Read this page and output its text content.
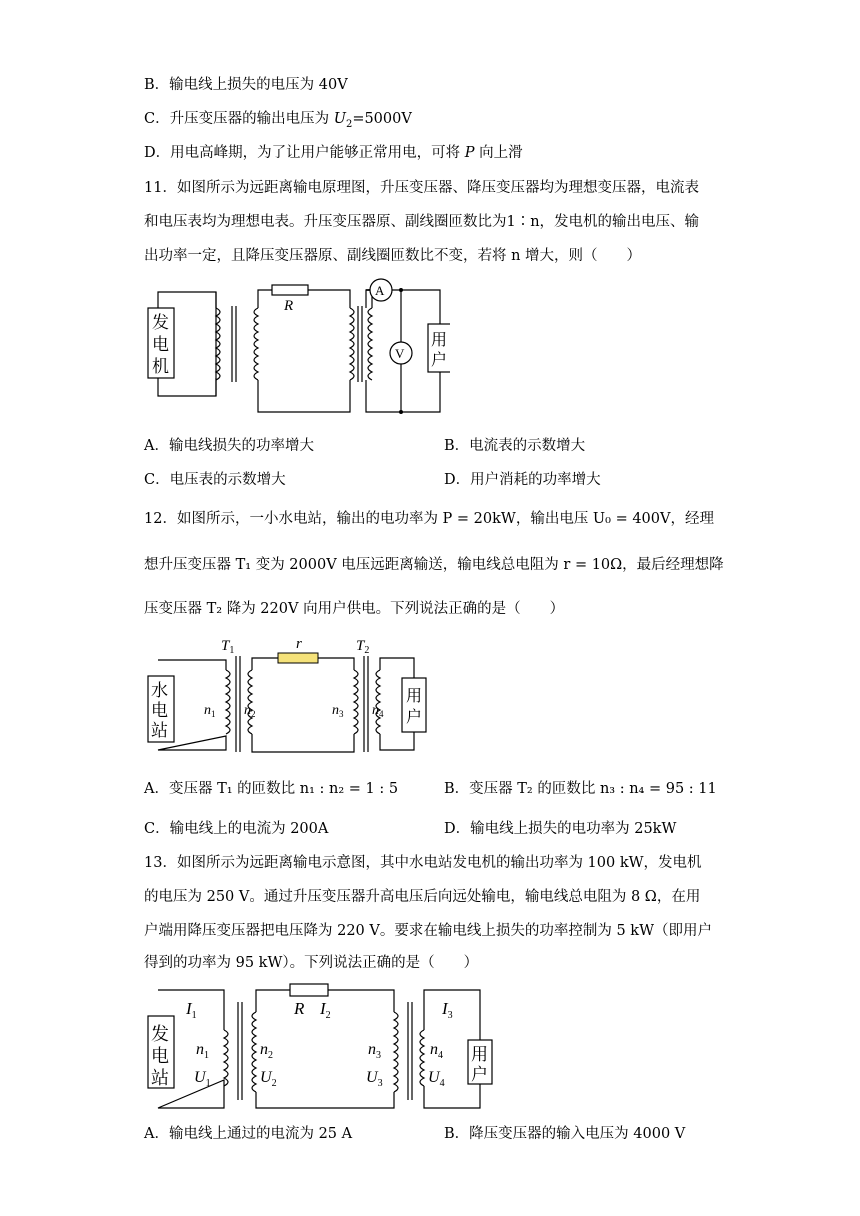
B．输电线上损失的电压为 40V
C．升压变压器的输出电压为 $U_2=5000V$
D．用电高峰期，为了让用户能够正常用电，可将 P 向上滑
11．如图所示为远距离输电原理图，升压变压器、降压变压器均为理想变压器，电流表
和电压表均为理想电表。升压变压器原、副线圈匝数比为1∶n，发电机的输出电压、输
出功率一定，且降压变压器原、副线圈匝数比不变，若将 n 增大，则（　　）
发
电
机
R
A
V
用
户
A．输电线损失的功率增大	B．电流表的示数增大
C．电压表的示数增大	D．用户消耗的功率增大
12．如图所示，一小水电站，输出的电功率为 P = 20kW，输出电压 U₀ = 400V，经理
想升压变压器 T₁ 变为 2000V 电压远距离输送，输电线总电阻为 r = 10Ω，最后经理想降
压变压器 T₂ 降为 220V 向用户供电。下列说法正确的是（　　）
水
电
站
$T_1$	$T_2$
r
$n_1$ $n_2$	$n_3$ $n_4$
用
户
A．变压器 T₁ 的匝数比 n₁ : n₂ = 1 : 5	B．变压器 T₂ 的匝数比 n₃ : n₄ = 95 : 11
C．输电线上的电流为 200A	D．输电线上损失的电功率为 25kW
13．如图所示为远距离输电示意图，其中水电站发电机的输出功率为 100 kW，发电机
的电压为 250 V。通过升压变压器升高电压后向远处输电，输电线总电阻为 8 Ω，在用
户端用降压变压器把电压降为 220 V。要求在输电线上损失的功率控制为 5 kW（即用户
得到的功率为 95 kW）。下列说法正确的是（　　）
发
电
站
$I_1$
$n_1$
$U_1$
R $I_2$
$n_2$
$U_2$
$n_3$
$U_3$
$I_3$
$n_4$
$U_4$
用
户
A．输电线上通过的电流为 25 A	B．降压变压器的输入电压为 4000 V
